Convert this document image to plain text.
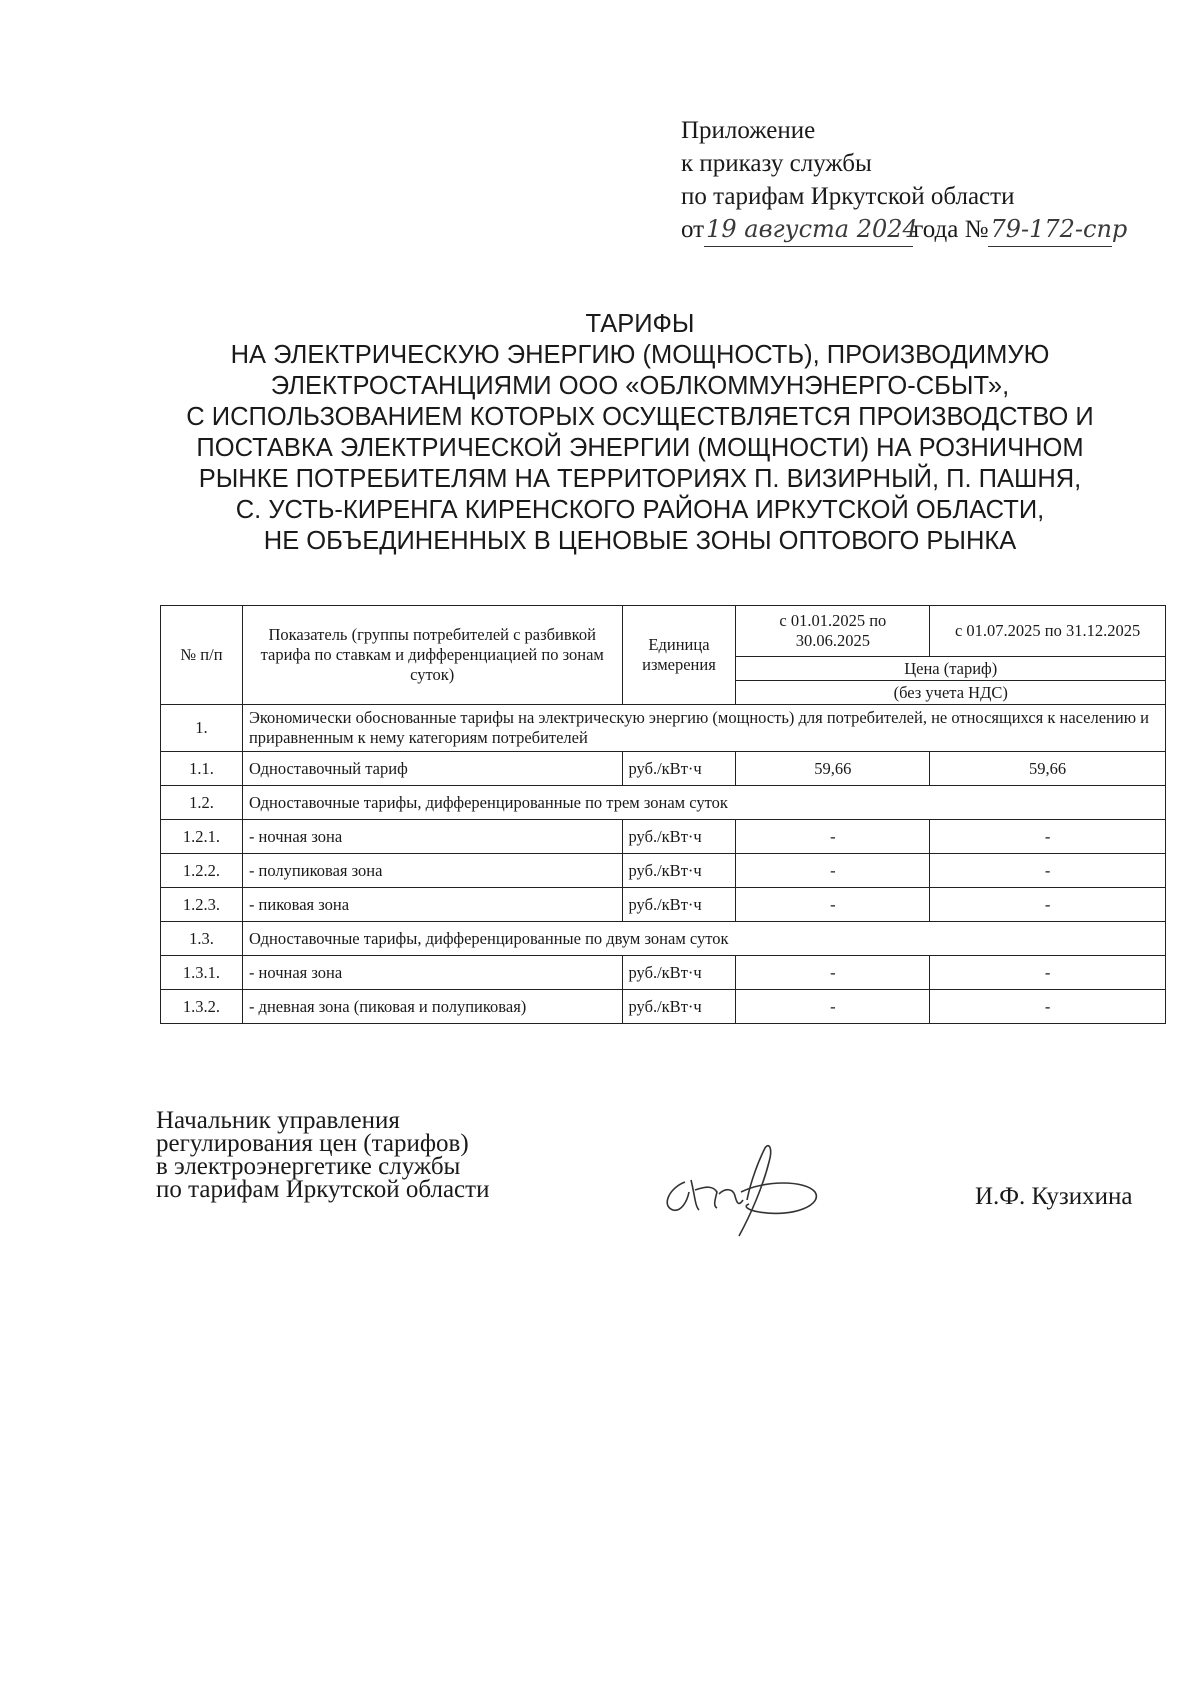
Приложение
к приказу службы
по тарифам Иркутской области
от19 августа 2024года №79-172-спр
ТАРИФЫ
НА ЭЛЕКТРИЧЕСКУЮ ЭНЕРГИЮ (МОЩНОСТЬ), ПРОИЗВОДИМУЮ
ЭЛЕКТРОСТАНЦИЯМИ ООО «ОБЛКОММУНЭНЕРГО-СБЫТ»,
С ИСПОЛЬЗОВАНИЕМ КОТОРЫХ ОСУЩЕСТВЛЯЕТСЯ ПРОИЗВОДСТВО И
ПОСТАВКА ЭЛЕКТРИЧЕСКОЙ ЭНЕРГИИ (МОЩНОСТИ) НА РОЗНИЧНОМ
РЫНКЕ ПОТРЕБИТЕЛЯМ НА ТЕРРИТОРИЯХ П. ВИЗИРНЫЙ, П. ПАШНЯ,
С. УСТЬ-КИРЕНГА КИРЕНСКОГО РАЙОНА ИРКУТСКОЙ ОБЛАСТИ,
НЕ ОБЪЕДИНЕННЫХ В ЦЕНОВЫЕ ЗОНЫ ОПТОВОГО РЫНКА
№ п/п	Показатель (группы потребителей с разбивкой тарифа по ставкам и дифференциацией по зонам суток)	Единица измерения	с 01.01.2025 по 30.06.2025	с 01.07.2025 по 31.12.2025
			Цена (тариф)	
			(без учета НДС)	
1.	Экономически обоснованные тарифы на электрическую энергию (мощность) для потребителей, не относящихся к населению и приравненным к нему категориям потребителей			
1.1.	Одноставочный тариф	руб./кВт·ч	59,66	59,66
1.2.	Одноставочные тарифы, дифференцированные по трем зонам суток			
1.2.1.	- ночная зона	руб./кВт·ч	-	-
1.2.2.	- полупиковая зона	руб./кВт·ч	-	-
1.2.3.	- пиковая зона	руб./кВт·ч	-	-
1.3.	Одноставочные тарифы, дифференцированные по двум зонам суток			
1.3.1.	- ночная зона	руб./кВт·ч	-	-
1.3.2.	- дневная зона (пиковая и полупиковая)	руб./кВт·ч	-	-
Начальник управления
регулирования цен (тарифов)
в электроэнергетике службы
по тарифам Иркутской области	И.Ф. Кузихина
